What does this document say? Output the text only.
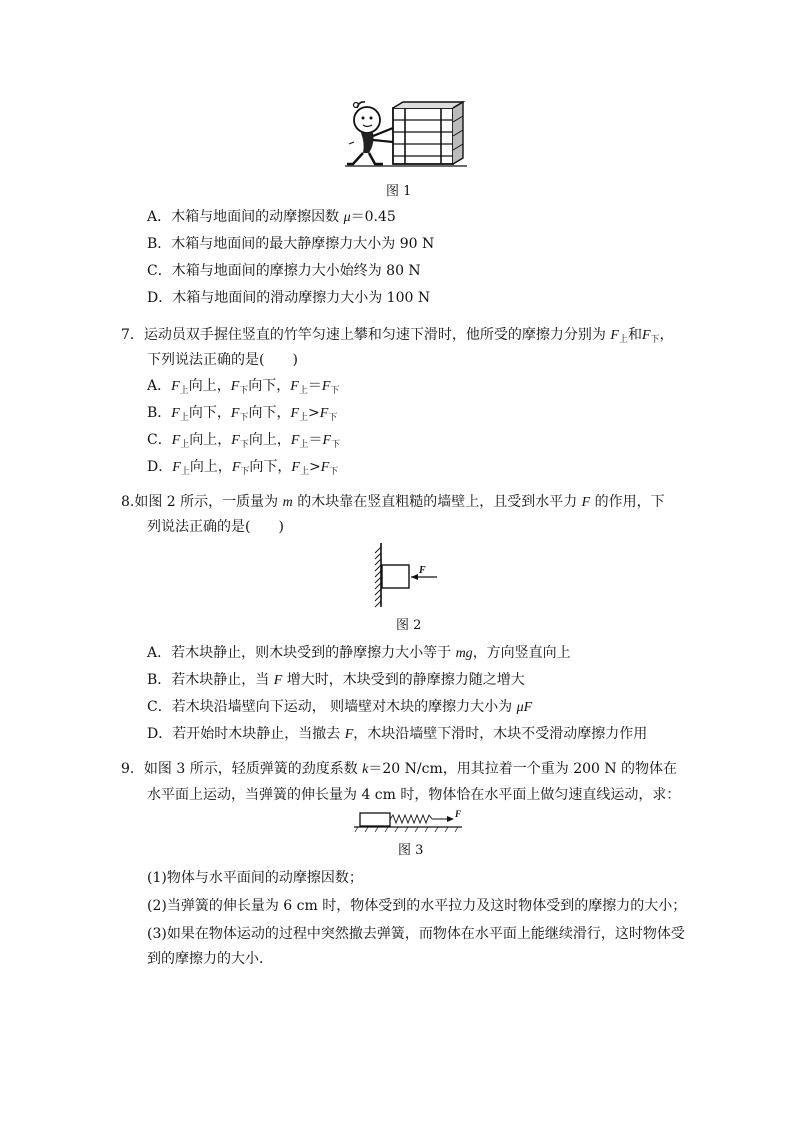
图 1
A．木箱与地面间的动摩擦因数 μ＝0.45
B．木箱与地面间的最大静摩擦力大小为 90 N
C．木箱与地面间的摩擦力大小始终为 80 N
D．木箱与地面间的滑动摩擦力大小为 100 N
7．运动员双手握住竖直的竹竿匀速上攀和匀速下滑时，他所受的摩擦力分别为 $F_上$和$F_下$，
下列说法正确的是(　　)
A．$F_上$向上，$F_下$向下，$F_上=F_下$
B．$F_上$向下，$F_下$向下，$F_上>F_下$
C．$F_上$向上，$F_下$向上，$F_上=F_下$
D．$F_上$向上，$F_下$向下，$F_上>F_下$
8.如图 2 所示，一质量为 m 的木块靠在竖直粗糙的墙壁上，且受到水平力 F 的作用，下
列说法正确的是(　　)
F
图 2
A．若木块静止，则木块受到的静摩擦力大小等于 mg，方向竖直向上
B．若木块静止，当 F 增大时，木块受到的静摩擦力随之增大
C．若木块沿墙壁向下运动， 则墙壁对木块的摩擦力大小为 μF
D．若开始时木块静止，当撤去 F，木块沿墙壁下滑时，木块不受滑动摩擦力作用
9．如图 3 所示，轻质弹簧的劲度系数 k＝20 N/cm，用其拉着一个重为 200 N 的物体在
水平面上运动，当弹簧的伸长量为 4 cm 时，物体恰在水平面上做匀速直线运动，求：
F
图 3
(1)物体与水平面间的动摩擦因数；
(2)当弹簧的伸长量为 6 cm 时，物体受到的水平拉力及这时物体受到的摩擦力的大小；
(3)如果在物体运动的过程中突然撤去弹簧，而物体在水平面上能继续滑行，这时物体受
到的摩擦力的大小．
